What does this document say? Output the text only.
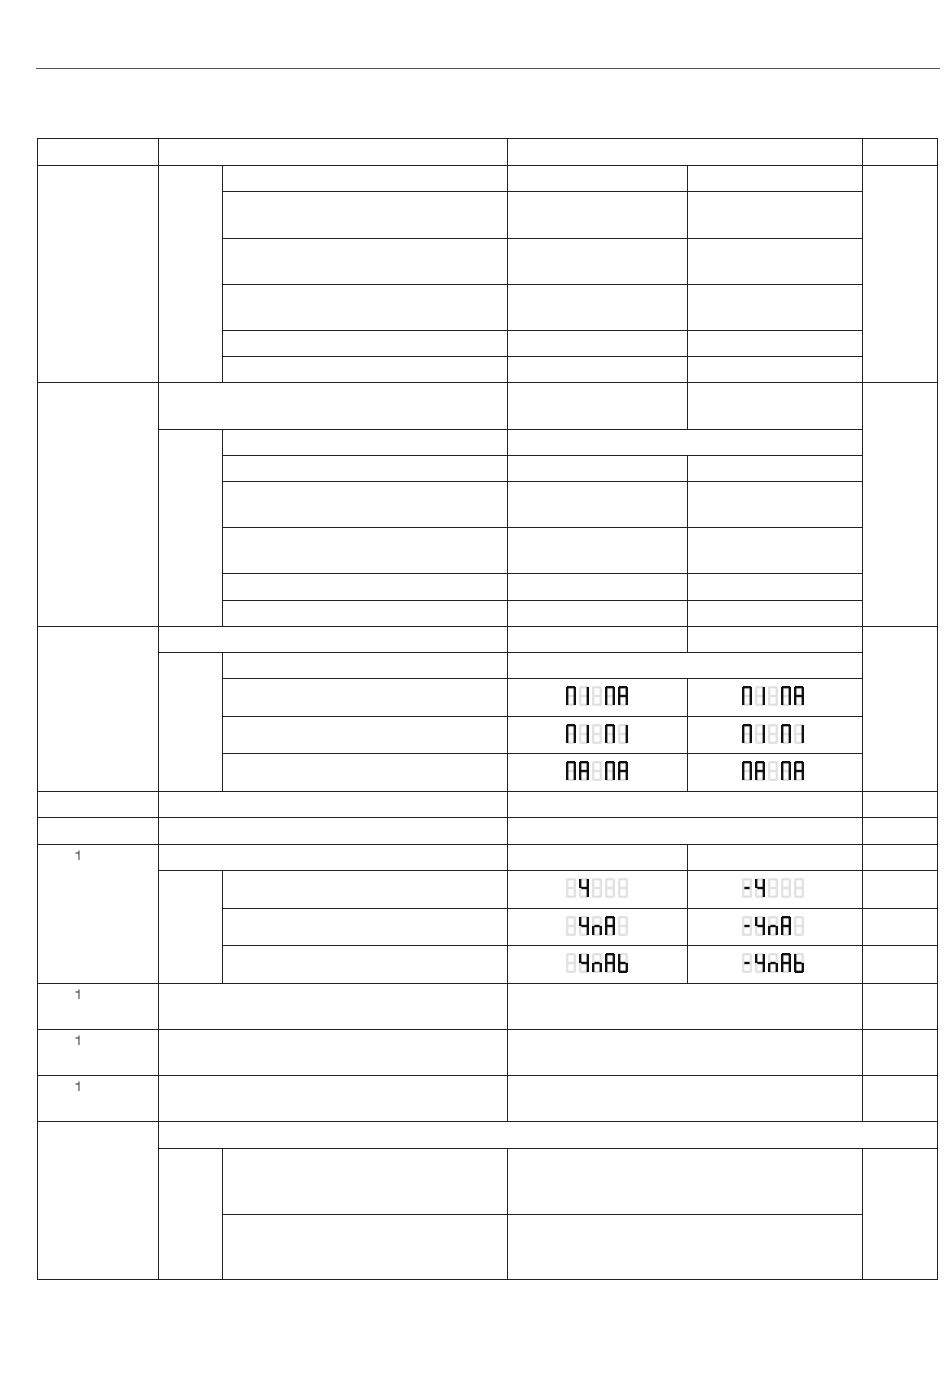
˦
˦
˦
˦
